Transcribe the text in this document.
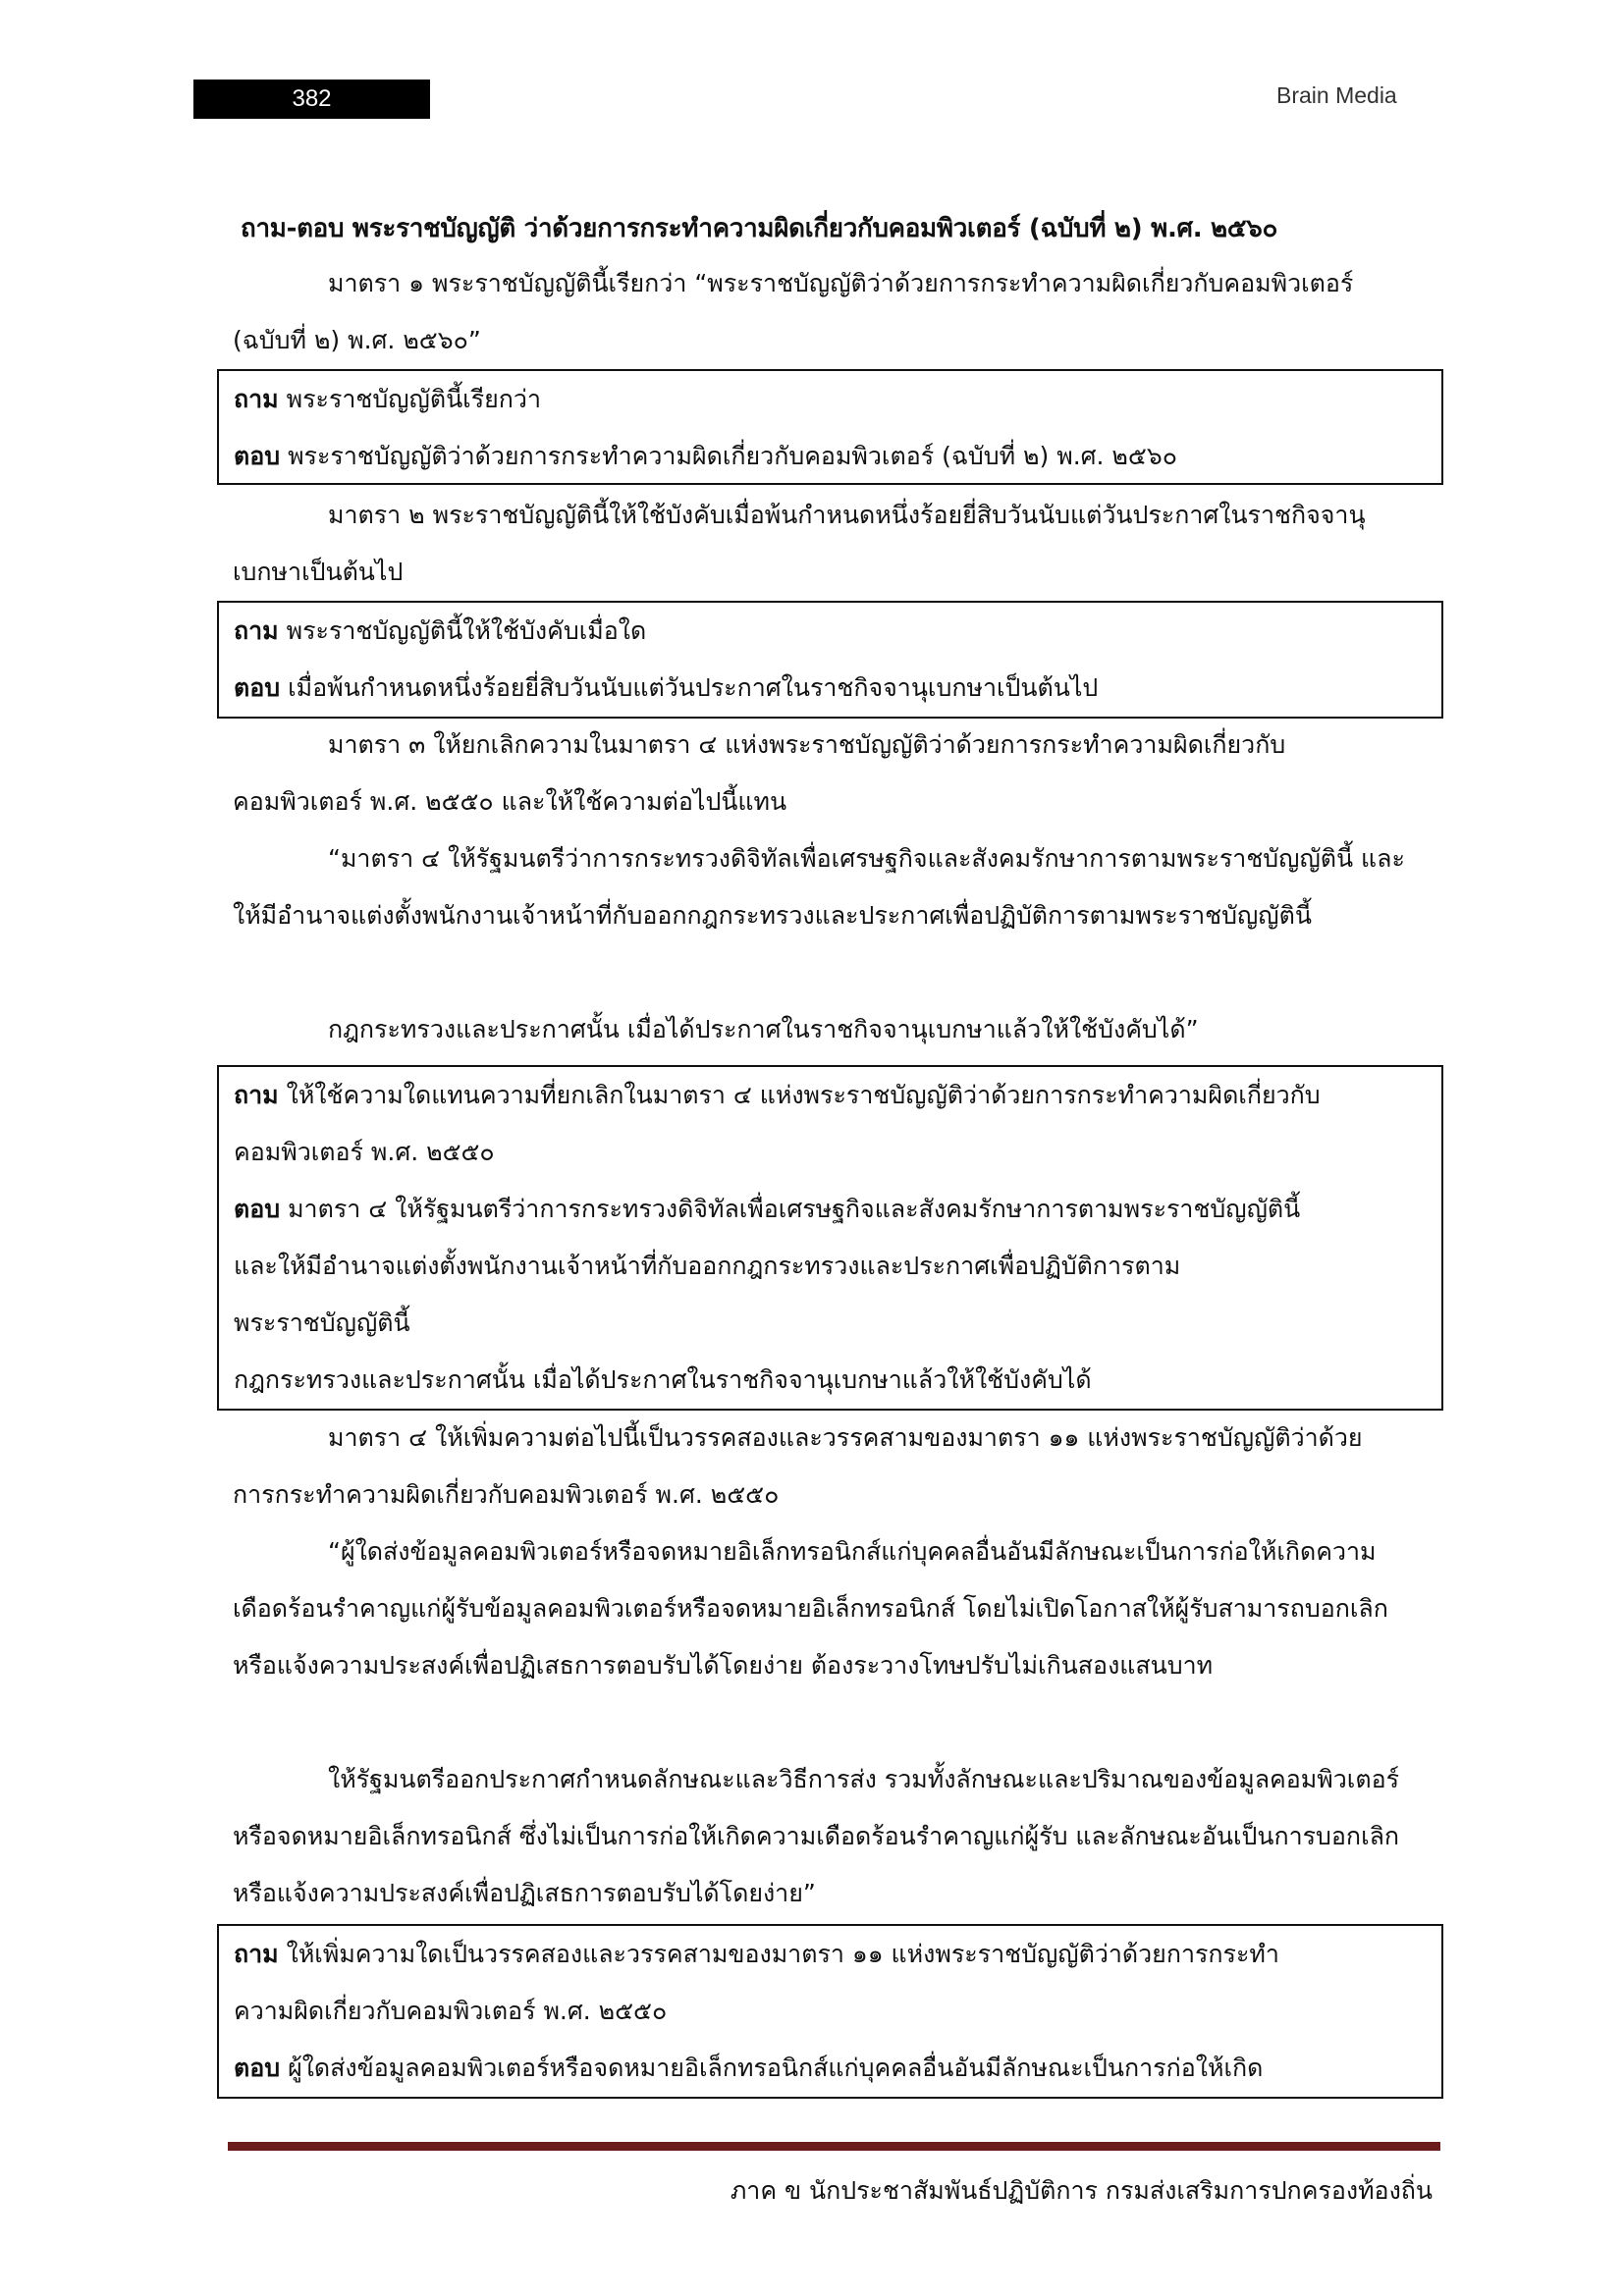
382	Brain Media
ถาม-ตอบ พระราชบัญญัติ ว่าด้วยการกระทำความผิดเกี่ยวกับคอมพิวเตอร์ (ฉบับที่ ๒) พ.ศ. ๒๕๖๐

มาตรา ๑ พระราชบัญญัตินี้เรียกว่า “พระราชบัญญัติว่าด้วยการกระทำความผิดเกี่ยวกับคอมพิวเตอร์ (ฉบับที่ ๒) พ.ศ. ๒๕๖๐”

ถาม พระราชบัญญัตินี้เรียกว่า

ตอบ พระราชบัญญัติว่าด้วยการกระทำความผิดเกี่ยวกับคอมพิวเตอร์ (ฉบับที่ ๒) พ.ศ. ๒๕๖๐

มาตรา ๒ พระราชบัญญัตินี้ให้ใช้บังคับเมื่อพ้นกำหนดหนึ่งร้อยยี่สิบวันนับแต่วันประกาศในราชกิจจานุเบกษาเป็นต้นไป

ถาม พระราชบัญญัตินี้ให้ใช้บังคับเมื่อใด

ตอบ เมื่อพ้นกำหนดหนึ่งร้อยยี่สิบวันนับแต่วันประกาศในราชกิจจานุเบกษาเป็นต้นไป

มาตรา ๓ ให้ยกเลิกความในมาตรา ๔ แห่งพระราชบัญญัติว่าด้วยการกระทำความผิดเกี่ยวกับคอมพิวเตอร์ พ.ศ. ๒๕๕๐ และให้ใช้ความต่อไปนี้แทน

“มาตรา ๔ ให้รัฐมนตรีว่าการกระทรวงดิจิทัลเพื่อเศรษฐกิจและสังคมรักษาการตามพระราชบัญญัตินี้ และให้มีอำนาจแต่งตั้งพนักงานเจ้าหน้าที่กับออกกฎกระทรวงและประกาศเพื่อปฏิบัติการตามพระราชบัญญัตินี้

กฎกระทรวงและประกาศนั้น เมื่อได้ประกาศในราชกิจจานุเบกษาแล้วให้ใช้บังคับได้”

ถาม ให้ใช้ความใดแทนความที่ยกเลิกในมาตรา ๔ แห่งพระราชบัญญัติว่าด้วยการกระทำความผิดเกี่ยวกับ

คอมพิวเตอร์ พ.ศ. ๒๕๕๐

ตอบ มาตรา ๔ ให้รัฐมนตรีว่าการกระทรวงดิจิทัลเพื่อเศรษฐกิจและสังคมรักษาการตามพระราชบัญญัตินี้

และให้มีอำนาจแต่งตั้งพนักงานเจ้าหน้าที่กับออกกฎกระทรวงและประกาศเพื่อปฏิบัติการตาม

พระราชบัญญัตินี้

กฎกระทรวงและประกาศนั้น เมื่อได้ประกาศในราชกิจจานุเบกษาแล้วให้ใช้บังคับได้

มาตรา ๔ ให้เพิ่มความต่อไปนี้เป็นวรรคสองและวรรคสามของมาตรา ๑๑ แห่งพระราชบัญญัติว่าด้วยการกระทำความผิดเกี่ยวกับคอมพิวเตอร์ พ.ศ. ๒๕๕๐

“ผู้ใดส่งข้อมูลคอมพิวเตอร์หรือจดหมายอิเล็กทรอนิกส์แก่บุคคลอื่นอันมีลักษณะเป็นการก่อให้เกิดความเดือดร้อนรำคาญแก่ผู้รับข้อมูลคอมพิวเตอร์หรือจดหมายอิเล็กทรอนิกส์ โดยไม่เปิดโอกาสให้ผู้รับสามารถบอกเลิกหรือแจ้งความประสงค์เพื่อปฏิเสธการตอบรับได้โดยง่าย ต้องระวางโทษปรับไม่เกินสองแสนบาท

ให้รัฐมนตรีออกประกาศกำหนดลักษณะและวิธีการส่ง รวมทั้งลักษณะและปริมาณของข้อมูลคอมพิวเตอร์หรือจดหมายอิเล็กทรอนิกส์ ซึ่งไม่เป็นการก่อให้เกิดความเดือดร้อนรำคาญแก่ผู้รับ และลักษณะอันเป็นการบอกเลิกหรือแจ้งความประสงค์เพื่อปฏิเสธการตอบรับได้โดยง่าย”

ถาม ให้เพิ่มความใดเป็นวรรคสองและวรรคสามของมาตรา ๑๑ แห่งพระราชบัญญัติว่าด้วยการกระทำ

ความผิดเกี่ยวกับคอมพิวเตอร์ พ.ศ. ๒๕๕๐

ตอบ ผู้ใดส่งข้อมูลคอมพิวเตอร์หรือจดหมายอิเล็กทรอนิกส์แก่บุคคลอื่นอันมีลักษณะเป็นการก่อให้เกิด

ภาค ข นักประชาสัมพันธ์ปฏิบัติการ กรมส่งเสริมการปกครองท้องถิ่น
